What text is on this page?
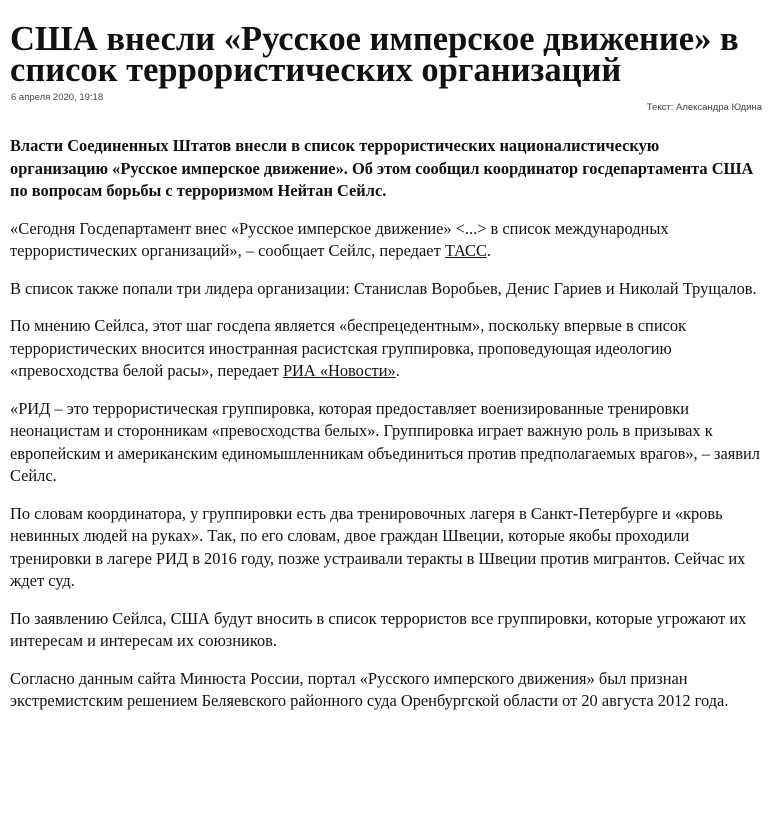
США внесли «Русское имперское движение» в список террористических организаций
6 апреля 2020, 19:18
Текст: Александра Юдина

Власти Соединенных Штатов внесли в список террористических националистическую организацию «Русское имперское движение». Об этом сообщил координатор госдепартамента США по вопросам борьбы с терроризмом Нейтан Сейлс.

«Сегодня Госдепартамент внес «Русское имперское движение» <...> в список международных террористических организаций», – сообщает Сейлс, передает ТАСС.

В список также попали три лидера организации: Станислав Воробьев, Денис Гариев и Николай Трущалов.

По мнению Сейлса, этот шаг госдепа является «беспрецедентным», поскольку впервые в список террористических вносится иностранная расистская группировка, проповедующая идеологию «превосходства белой расы», передает РИА «Новости».

«РИД – это террористическая группировка, которая предоставляет военизированные тренировки неонацистам и сторонникам «превосходства белых». Группировка играет важную роль в призывах к европейским и американским единомышленникам объединиться против предполагаемых врагов», – заявил Сейлс.

По словам координатора, у группировки есть два тренировочных лагеря в Санкт-Петербурге и «кровь невинных людей на руках». Так, по его словам, двое граждан Швеции, которые якобы проходили тренировки в лагере РИД в 2016 году, позже устраивали теракты в Швеции против мигрантов. Сейчас их ждет суд.

По заявлению Сейлса, США будут вносить в список террористов все группировки, которые угрожают их интересам и интересам их союзников.

Согласно данным сайта Минюста России, портал «Русского имперского движения» был признан экстремистским решением Беляевского районного суда Оренбургской области от 20 августа 2012 года.
